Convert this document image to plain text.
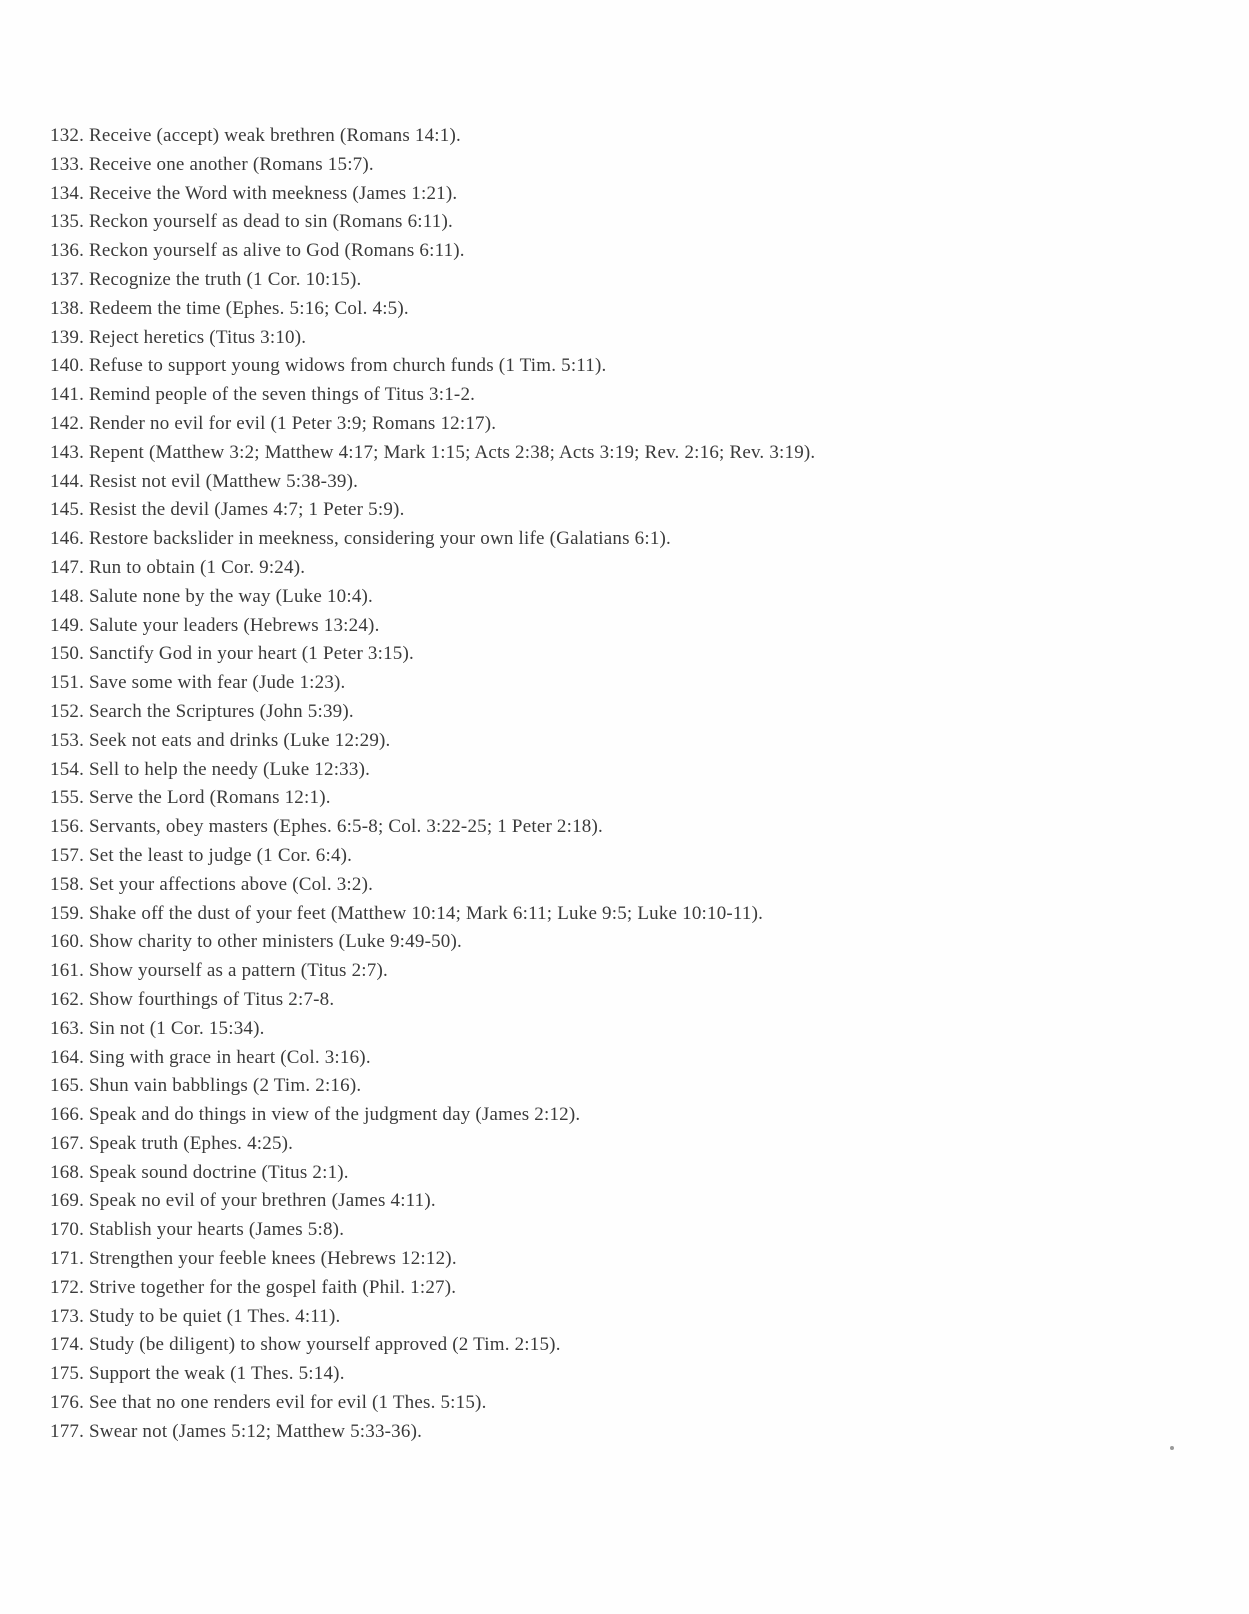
132. Receive (accept) weak brethren (Romans 14:1).
133. Receive one another (Romans 15:7).
134. Receive the Word with meekness (James 1:21).
135. Reckon yourself as dead to sin (Romans 6:11).
136. Reckon yourself as alive to God (Romans 6:11).
137. Recognize the truth (1 Cor. 10:15).
138. Redeem the time (Ephes. 5:16; Col. 4:5).
139. Reject heretics (Titus 3:10).
140. Refuse to support young widows from church funds (1 Tim. 5:11).
141. Remind people of the seven things of Titus 3:1-2.
142. Render no evil for evil (1 Peter 3:9; Romans 12:17).
143. Repent (Matthew 3:2; Matthew 4:17; Mark 1:15; Acts 2:38; Acts 3:19; Rev. 2:16; Rev. 3:19).
144. Resist not evil (Matthew 5:38-39).
145. Resist the devil (James 4:7; 1 Peter 5:9).
146. Restore backslider in meekness, considering your own life (Galatians 6:1).
147. Run to obtain (1 Cor. 9:24).
148. Salute none by the way (Luke 10:4).
149. Salute your leaders (Hebrews 13:24).
150. Sanctify God in your heart (1 Peter 3:15).
151. Save some with fear (Jude 1:23).
152. Search the Scriptures (John 5:39).
153. Seek not eats and drinks (Luke 12:29).
154. Sell to help the needy (Luke 12:33).
155. Serve the Lord (Romans 12:1).
156. Servants, obey masters (Ephes. 6:5-8; Col. 3:22-25; 1 Peter 2:18).
157. Set the least to judge (1 Cor. 6:4).
158. Set your affections above (Col. 3:2).
159. Shake off the dust of your feet (Matthew 10:14; Mark 6:11; Luke 9:5; Luke 10:10-11).
160. Show charity to other ministers (Luke 9:49-50).
161. Show yourself as a pattern (Titus 2:7).
162. Show fourthings of Titus 2:7-8.
163. Sin not (1 Cor. 15:34).
164. Sing with grace in heart (Col. 3:16).
165. Shun vain babblings (2 Tim. 2:16).
166. Speak and do things in view of the judgment day (James 2:12).
167. Speak truth (Ephes. 4:25).
168. Speak sound doctrine (Titus 2:1).
169. Speak no evil of your brethren (James 4:11).
170. Stablish your hearts (James 5:8).
171. Strengthen your feeble knees (Hebrews 12:12).
172. Strive together for the gospel faith (Phil. 1:27).
173. Study to be quiet (1 Thes. 4:11).
174. Study (be diligent) to show yourself approved (2 Tim. 2:15).
175. Support the weak (1 Thes. 5:14).
176. See that no one renders evil for evil (1 Thes. 5:15).
177. Swear not (James 5:12; Matthew 5:33-36).
